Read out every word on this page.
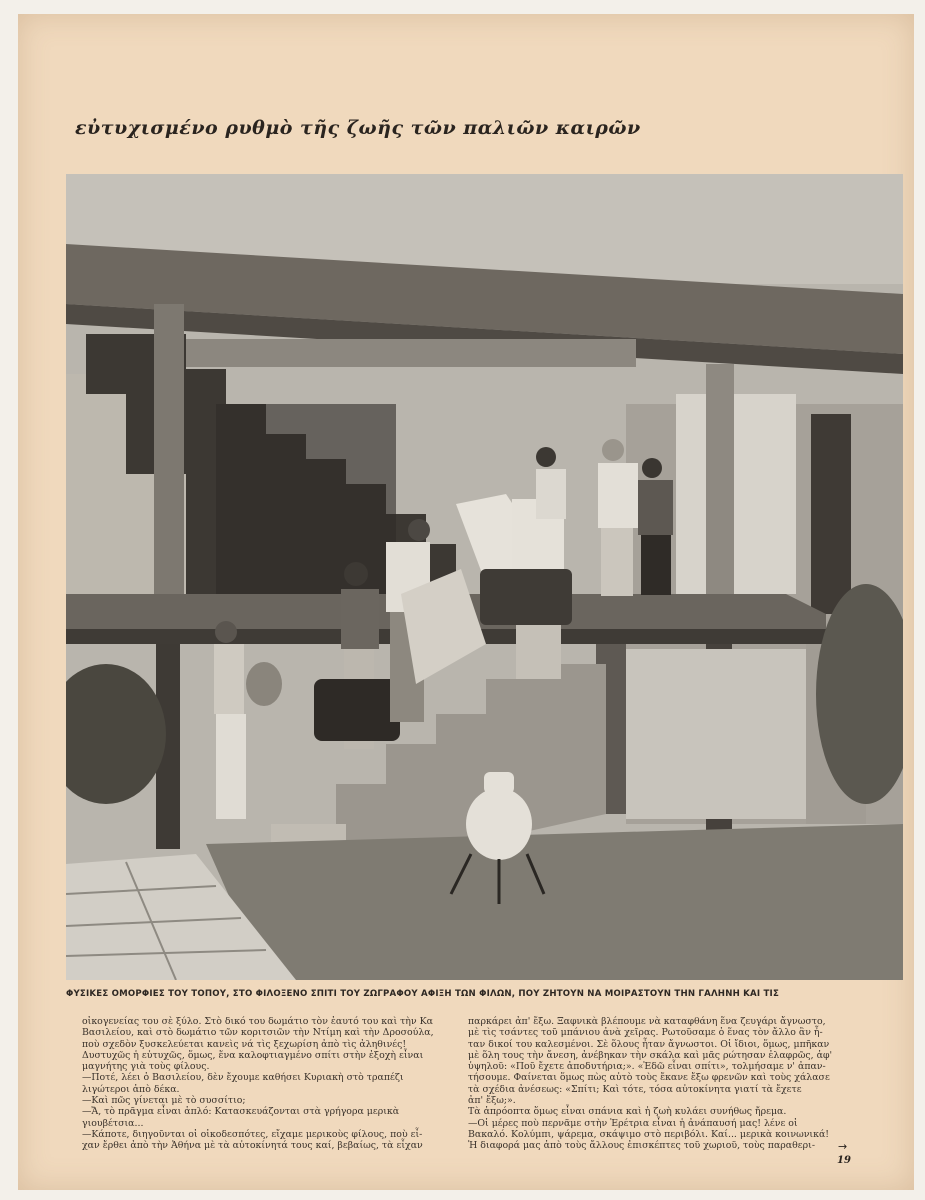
εὐτυχισμένο ρυθμὸ τῆς ζωῆς τῶν παλιῶν καιρῶν
ΦΥΣΙΚΕΣ ΟΜΟΡΦΙΕΣ ΤΟΥ ΤΟΠΟΥ, ΣΤΟ ΦΙΛΟΞΕΝΟ ΣΠΙΤΙ ΤΟΥ ΖΩΓΡΑΦΟΥ ΑΦΙΞΗ ΤΩΝ ΦΙΛΩΝ, ΠΟΥ ΖΗΤΟΥΝ ΝΑ ΜΟΙΡΑΣΤΟΥΝ ΤΗΝ ΓΑΛΗΝΗ ΚΑΙ ΤΙΣ
οἰκογενείας του σὲ ξύλο. Στὸ δικό του δωμάτιο τὸν ἑαυτό του καὶ τὴν Κα
Βασιλείου, καὶ στὸ δωμάτιο τῶν κοριτσιῶν τὴν Ντίμη καὶ τὴν Δροσούλα,
ποὺ σχεδὸν ξυσκελεύεται κανεὶς νά τὶς ξεχωρίση ἀπὸ τὶς ἀληθινές!
Δυστυχῶς ἡ εὐτυχῶς, ὅμως, ἕνα καλοφτιαγμένο σπίτι στὴν ἐξοχὴ εἶναι
μαγνήτης γιὰ τοὺς φίλους.
—Ποτέ, λέει ὁ Βασιλείου, δὲν ἔχουμε καθήσει Κυριακὴ στὸ τραπέζι
λιγώτεροι ἀπὸ δέκα.
—Καὶ πῶς γίνεται μὲ τὸ συσσίτιο;
—Ἄ, τὸ πρᾶγμα εἶναι ἁπλό: Κατασκευάζονται στὰ γρήγορα μερικὰ
γιουβέτσια...
—Κάποτε, διηγοῦνται οἱ οἰκοδεσπότες, εἴχαμε μερικοὺς φίλους, ποὺ εἶ-
χαν ἔρθει ἀπὸ τὴν Ἀθήνα μὲ τὰ αὐτοκίνητά τους καί, βεβαίως, τὰ εἶχαν
παρκάρει ἀπ' ἔξω. Ξαφνικὰ βλέπουμε νὰ καταφθάνη ἕνα ζευγάρι ἄγνωστο,
μὲ τὶς τσάντες τοῦ μπάνιου ἀνὰ χεῖρας. Ρωτοῦσαμε ὁ ἕνας τὸν ἄλλο ἂν ἦ-
ταν δικοί του καλεσμένοι. Σὲ ὅλους ἦταν ἄγνωστοι. Οἱ ἴδιοι, ὅμως, μπῆκαν
μὲ ὅλη τους τὴν ἄνεση, ἀνέβηκαν τὴν σκάλα καὶ μᾶς ρώτησαν ἐλαφρῶς, ἀφ'
ὑψηλοῦ: «Ποῦ ἔχετε ἀποδυτήρια;». «Ἐδῶ εἶναι σπίτι», τολμήσαμε ν' ἀπαν-
τήσουμε. Φαίνεται ὅμως πὼς αὐτὸ τοὺς ἔκανε ἔξω φρενῶν καὶ τοὺς χάλασε
τὰ σχέδια ἀνέσεως: «Σπίτι; Καὶ τότε, τόσα αὐτοκίνητα γιατί τὰ ἔχετε
ἀπ' ἔξω;».
Τὰ ἀπρόοπτα ὅμως εἶναι σπάνια καὶ ἡ ζωὴ κυλάει συνήθως ἤρεμα.
—Οἱ μέρες ποὺ περνᾶμε στὴν Ἐρέτρια εἶναι ἡ ἀνάπαυσή μας! λένε οἱ
Βακαλό. Κολύμπι, ψάρεμα, σκάψιμο στὸ περιβόλι. Καί... μερικὰ κοινωνικά!
Ἡ διαφορά μας ἀπὸ τοὺς ἄλλους ἐπισκέπτες τοῦ χωριοῦ, τοὺς παραθερι-	→
19
